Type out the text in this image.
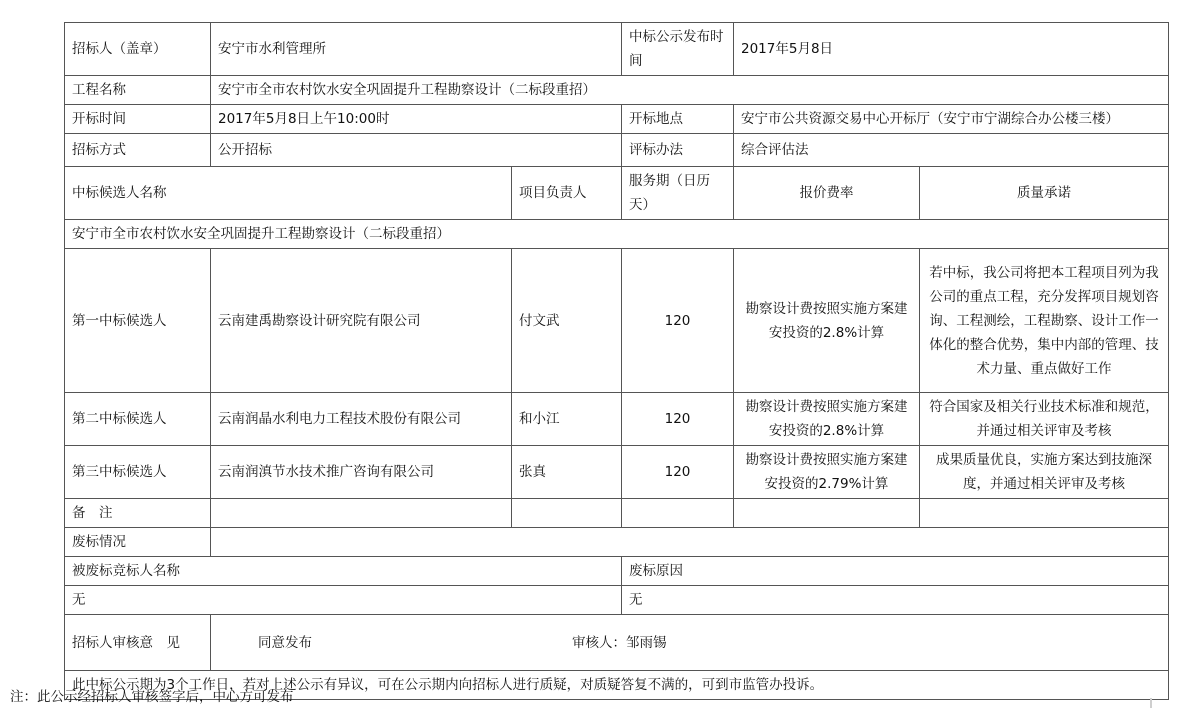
招标人（盖章）	安宁市水利管理所		中标公示发布时间	2017年5月8日	
工程名称	安宁市全市农村饮水安全巩固提升工程勘察设计（二标段重招）				
开标时间	2017年5月8日上午10:00时		开标地点	安宁市公共资源交易中心开标厅（安宁市宁湖综合办公楼三楼）	
招标方式	公开招标		评标办法	综合评估法	
中标候选人名称		项目负责人	服务期（日历天）	报价费率	质量承诺
安宁市全市农村饮水安全巩固提升工程勘察设计（二标段重招）					
第一中标候选人	云南建禹勘察设计研究院有限公司	付文武	120	勘察设计费按照实施方案建安投资的2.8%计算	若中标，我公司将把本工程项目列为我公司的重点工程，充分发挥项目规划咨询、工程测绘，工程勘察、设计工作一体化的整合优势，集中内部的管理、技术力量、重点做好工作
第二中标候选人	云南润晶水利电力工程技术股份有限公司	和小江	120	勘察设计费按照实施方案建安投资的2.8%计算	符合国家及相关行业技术标准和规范，并通过相关评审及考核
第三中标候选人	云南润滇节水技术推广咨询有限公司	张真	120	勘察设计费按照实施方案建安投资的2.79%计算	成果质量优良，实施方案达到技施深度，并通过相关评审及考核
备　注					
废标情况					
被废标竞标人名称			废标原因		
无			无		
招标人审核意　见	同意发布 审核人：邹雨锡				
此中标公示期为3个工作日，若对上述公示有异议，可在公示期内向招标人进行质疑，对质疑答复不满的，可到市监管办投诉。					
注：此公示经招标人审核签字后，中心方可发布
